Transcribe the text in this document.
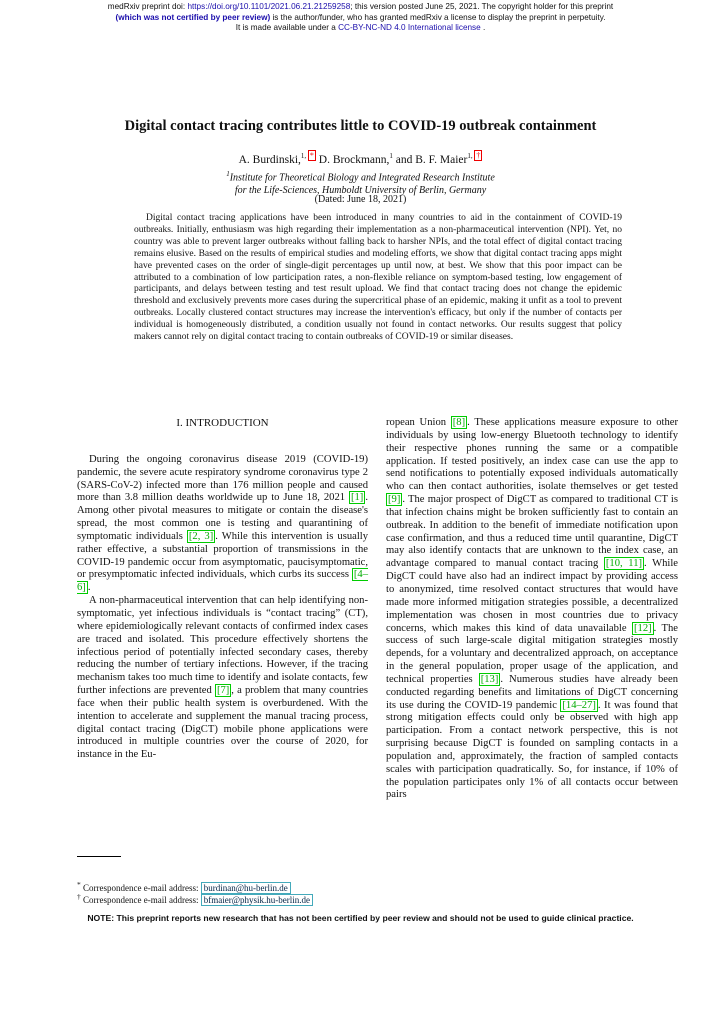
medRxiv preprint doi: https://doi.org/10.1101/2021.06.21.21259258; this version posted June 25, 2021. The copyright holder for this preprint
(which was not certified by peer review) is the author/funder, who has granted medRxiv a license to display the preprint in perpetuity.
It is made available under a CC-BY-NC-ND 4.0 International license .
Digital contact tracing contributes little to COVID-19 outbreak containment
A. Burdinski,$^{1,}$ * D. Brockmann,$^1$ and B. F. Maier$^{1,}$ †
$^1$Institute for Theoretical Biology and Integrated Research Institute
for the Life-Sciences, Humboldt University of Berlin, Germany
(Dated: June 18, 2021)
Digital contact tracing applications have been introduced in many countries to aid in the containment of COVID-19 outbreaks. Initially, enthusiasm was high regarding their implementation as a non-pharmaceutical intervention (NPI). Yet, no country was able to prevent larger outbreaks without falling back to harsher NPIs, and the total effect of digital contact tracing remains elusive. Based on the results of empirical studies and modeling efforts, we show that digital contact tracing apps might have prevented cases on the order of single-digit percentages up until now, at best. We show that this poor impact can be attributed to a combination of low participation rates, a non-flexible reliance on symptom-based testing, low engagement of participants, and delays between testing and test result upload. We find that contact tracing does not change the epidemic threshold and exclusively prevents more cases during the supercritical phase of an epidemic, making it unfit as a tool to prevent outbreaks. Locally clustered contact structures may increase the intervention's efficacy, but only if the number of contacts per individual is homogeneously distributed, a condition usually not found in contact networks. Our results suggest that policy makers cannot rely on digital contact tracing to contain outbreaks of COVID-19 or similar diseases.
I. INTRODUCTION

During the ongoing coronavirus disease 2019 (COVID-19) pandemic, the severe acute respiratory syndrome coronavirus type 2 (SARS-CoV-2) infected more than 176 million people and caused more than 3.8 million deaths worldwide up to June 18, 2021 [1] . Among other pivotal measures to mitigate or contain the disease's spread, the most common one is testing and quarantining of symptomatic individuals [2, 3] . While this intervention is usually rather effective, a substantial proportion of transmissions in the COVID-19 pandemic occur from asymptomatic, paucisymptomatic, or presymptomatic infected individuals, which curbs its success [4–6] .

A non-pharmaceutical intervention that can help identifying non-symptomatic, yet infectious individuals is “contact tracing” (CT), where epidemiologically relevant contacts of confirmed index cases are traced and isolated. This procedure effectively shortens the infectious period of potentially infected secondary cases, thereby reducing the number of tertiary infections. However, if the tracing mechanism takes too much time to identify and isolate contacts, few further infections are prevented [7] , a problem that many countries face when their public health system is overburdened. With the intention to accelerate and supplement the manual tracing process, digital contact tracing (DigCT) mobile phone applications were introduced in multiple countries over the course of 2020, for instance in the Eu-

ropean Union [8] . These applications measure exposure to other individuals by using low-energy Bluetooth technology to identify their respective phones running the same or a compatible application. If tested positively, an index case can use the app to send notifications to potentially exposed individuals automatically who can then contact authorities, isolate themselves or get tested [9] . The major prospect of DigCT as compared to traditional CT is that infection chains might be broken sufficiently fast to contain an outbreak. In addition to the benefit of immediate notification upon case confirmation, and thus a reduced time until quarantine, DigCT may also identify contacts that are unknown to the index case, an advantage compared to manual contact tracing [10, 11] . While DigCT could have also had an indirect impact by providing access to anonymized, time resolved contact structures that would have made more informed mitigation strategies possible, a decentralized implementation was chosen in most countries due to privacy concerns, which makes this kind of data unavailable [12] . The success of such large-scale digital mitigation strategies mostly depends, for a voluntary and decentralized approach, on acceptance in the general population, proper usage of the application, and technical properties [13] . Numerous studies have already been conducted regarding benefits and limitations of DigCT concerning its use during the COVID-19 pandemic [14–27] . It was found that strong mitigation effects could only be observed with high app participation. From a contact network perspective, this is not surprising because DigCT is founded on sampling contacts in a population and, approximately, the fraction of sampled contacts scales with participation quadratically. So, for instance, if 10% of the population participates only 1% of all contacts occur between pairs

* Correspondence e-mail address: burdinan@hu-berlin.de
† Correspondence e-mail address: bfmaier@physik.hu-berlin.de
NOTE: This preprint reports new research that has not been certified by peer review and should not be used to guide clinical practice.
